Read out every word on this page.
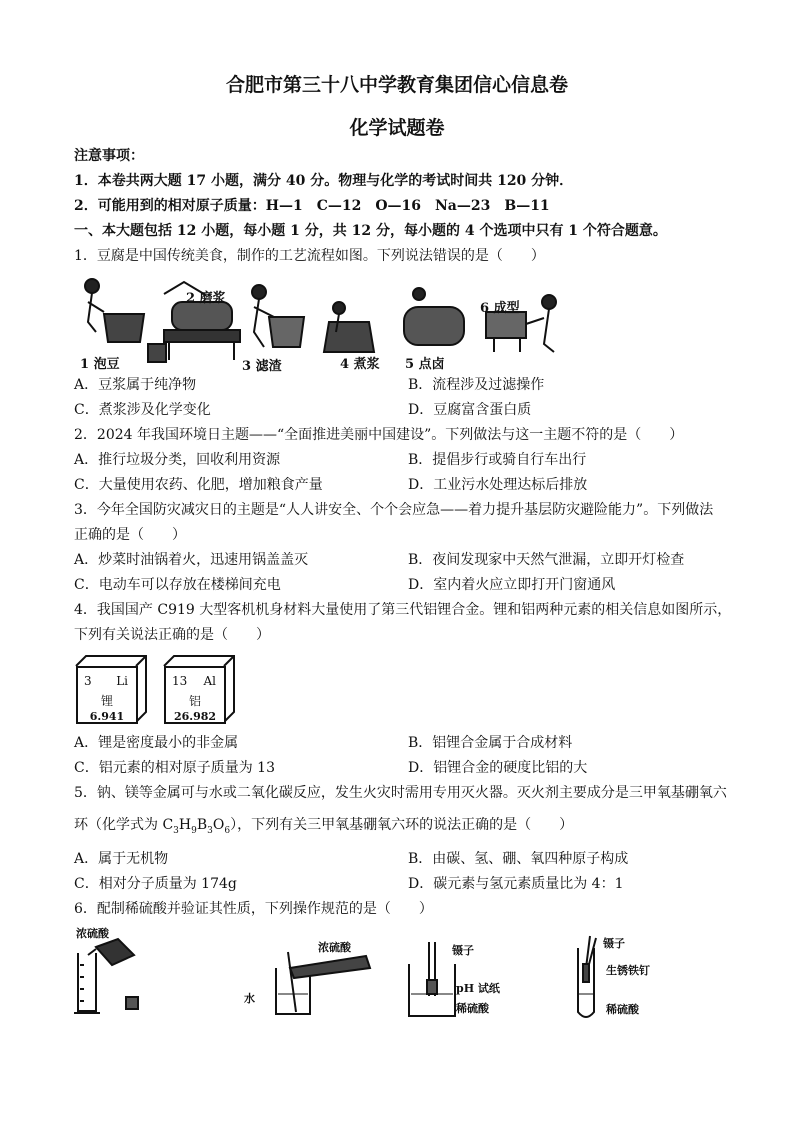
合肥市第三十八中学教育集团信心信息卷
化学试题卷
注意事项：
1．本卷共两大题 17 小题，满分 40 分。物理与化学的考试时间共 120 分钟．
2．可能用到的相对原子质量：H—1　C—12　O—16　Na—23　B—11
一、本大题包括 12 小题，每小题 1 分，共 12 分，每小题的 4 个选项中只有 1 个符合题意。
1．豆腐是中国传统美食，制作的工艺流程如图。下列说法错误的是（　　）
1 泡豆
2 磨浆
3 滤渣	4 煮浆 5 点卤
6 成型
A．豆浆属于纯净物	B．流程涉及过滤操作
C．煮浆涉及化学变化	D．豆腐富含蛋白质
2．2024 年我国环境日主题——“全面推进美丽中国建设”。下列做法与这一主题不符的是（　　）
A．推行垃圾分类，回收利用资源	B．提倡步行或骑自行车出行
C．大量使用农药、化肥，增加粮食产量	D．工业污水处理达标后排放
3．今年全国防灾减灾日的主题是“人人讲安全、个个会应急——着力提升基层防灾避险能力”。下列做法
正确的是（　　）
A．炒菜时油锅着火，迅速用锅盖盖灭	B．夜间发现家中天然气泄漏，立即开灯检查
C．电动车可以存放在楼梯间充电	D．室内着火应立即打开门窗通风
4．我国国产 C919 大型客机机身材料大量使用了第三代铝锂合金。锂和铝两种元素的相关信息如图所示，
下列有关说法正确的是（　　）
3 Li
锂
6.941
13 Al
铝
26.982
A．锂是密度最小的非金属	B．铝锂合金属于合成材料
C．铝元素的相对原子质量为 13	D．铝锂合金的硬度比铝的大
5．钠、镁等金属可与水或二氧化碳反应，发生火灾时需用专用灭火器。灭火剂主要成分是三甲氧基硼氧六
环（化学式为 $C_3H_9B_3O_6$），下列有关三甲氧基硼氧六环的说法正确的是（　　）
A．属于无机物	B．由碳、氢、硼、氧四种原子构成
C．相对分子质量为 174g	D．碳元素与氢元素质量比为 4：1
6．配制稀硫酸并验证其性质，下列操作规范的是（　　）
浓硫酸
浓硫酸
水
镊子
pH 试纸
稀硫酸
镊子
生锈铁钉
稀硫酸
